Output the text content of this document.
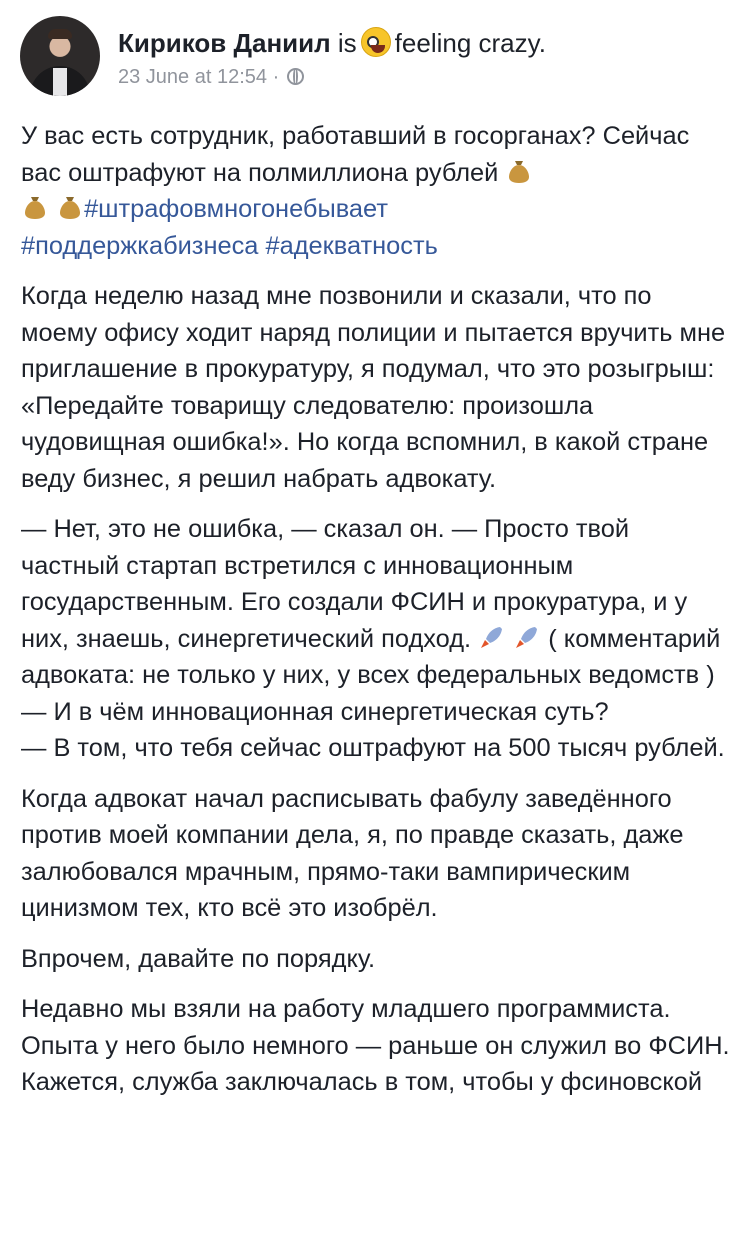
Кириков Даниил is feeling crazy.
23 June at 12:54 ·

У вас есть сотрудник, работавший в госорганах? Сейчас вас оштрафуют на полмиллиона рублей
#штрафовмногонебывает
#поддержкабизнеса #адекватность

Когда неделю назад мне позвонили и сказали, что по моему офису ходит наряд полиции и пытается вручить мне приглашение в прокуратуру, я подумал, что это розыгрыш: «Передайте товарищу следователю: произошла чудовищная ошибка!». Но когда вспомнил, в какой стране веду бизнес, я решил набрать адвокату.

— Нет, это не ошибка, — сказал он. — Просто твой частный стартап встретился с инновационным государственным. Его создали ФСИН и прокуратура, и у них, знаешь, синергетический подход.	( комментарий адвоката: не только у них, у всех федеральных ведомств )
— И в чём инновационная синергетическая суть?
— В том, что тебя сейчас оштрафуют на 500 тысяч рублей.

Когда адвокат начал расписывать фабулу заведённого против моей компании дела, я, по правде сказать, даже залюбовался мрачным, прямо-таки вампирическим цинизмом тех, кто всё это изобрёл.

Впрочем, давайте по порядку.

Недавно мы взяли на работу младшего программиста. Опыта у него было немного — раньше он служил во ФСИН. Кажется, служба заключалась в том, чтобы у фсиновской
